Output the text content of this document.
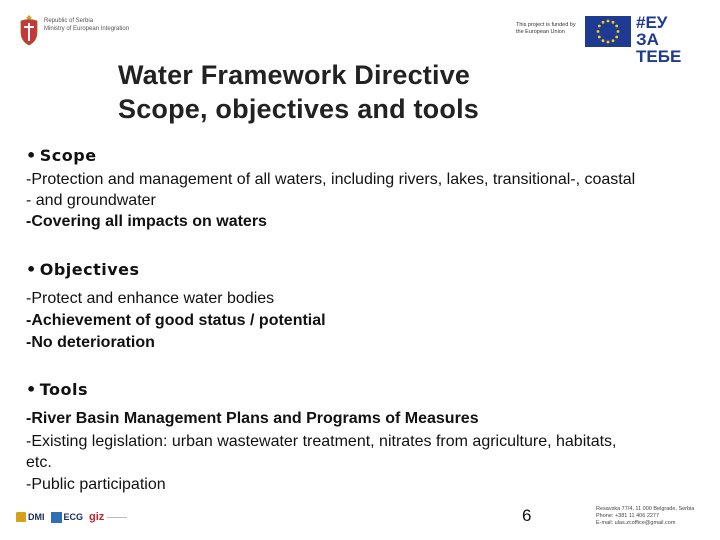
Republic of Serbia
Ministry of European Integration
This project is funded by
the European Union	#ЕУ
ЗА ТЕБЕ
Water Framework Directive
Scope, objectives and tools
• Scope
-Protection and management of all waters, including rivers, lakes, transitional-, coastal
- and groundwater
-Covering all impacts on waters
• Objectives
-Protect and enhance water bodies
-Achievement of good status / potential
-No deterioration
• Tools
-River Basin Management Plans and Programs of Measures
-Existing legislation: urban wastewater treatment, nitrates from agriculture, habitats,
etc.
-Public participation
DMI ECG giz	6	Resavska 77/4, 11 000 Belgrade, Serbia
Phone: +381 11 406 2277
E-mail: ulas.zcoffice@gmail.com
